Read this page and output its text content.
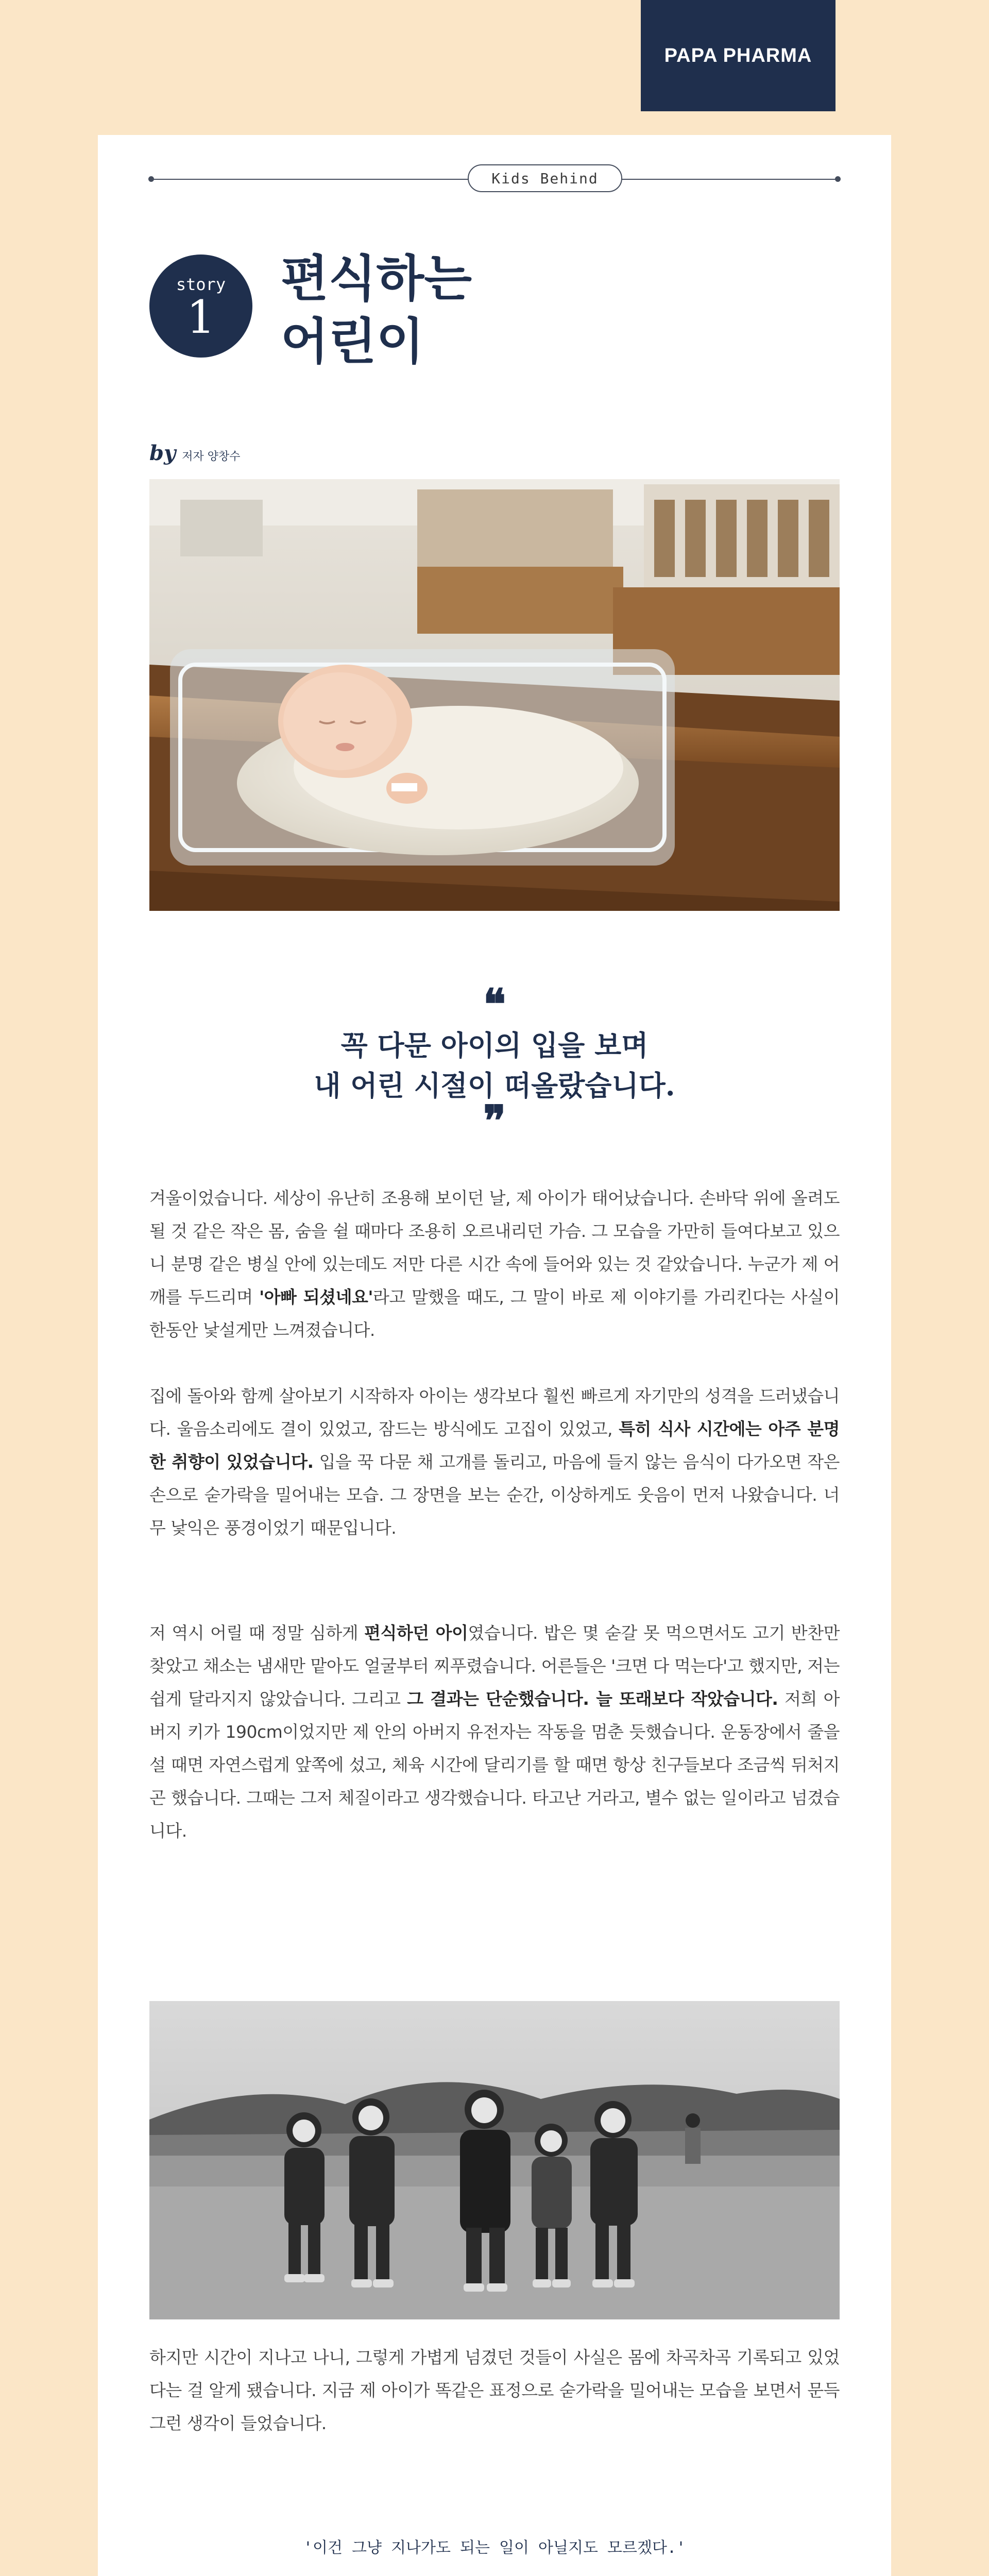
PAPA PHARMA
Kids Behind
story
1
편식하는
어린이
by 저자 양창수
❝
꼭 다문 아이의 입을 보며
내 어린 시절이 떠올랐습니다.
❞

겨울이었습니다. 세상이 유난히 조용해 보이던 날, 제 아이가 태어났습니다. 손바닥 위에 올려도 될 것 같은 작은 몸, 숨을 쉴 때마다 조용히 오르내리던 가슴. 그 모습을 가만히 들여다보고 있으니 분명 같은 병실 안에 있는데도 저만 다른 시간 속에 들어와 있는 것 같았습니다. 누군가 제 어깨를 두드리며 '아빠 되셨네요'라고 말했을 때도, 그 말이 바로 제 이야기를 가리킨다는 사실이 한동안 낯설게만 느껴졌습니다.

집에 돌아와 함께 살아보기 시작하자 아이는 생각보다 훨씬 빠르게 자기만의 성격을 드러냈습니다. 울음소리에도 결이 있었고, 잠드는 방식에도 고집이 있었고, 특히 식사 시간에는 아주 분명한 취향이 있었습니다. 입을 꾹 다문 채 고개를 돌리고, 마음에 들지 않는 음식이 다가오면 작은 손으로 숟가락을 밀어내는 모습. 그 장면을 보는 순간, 이상하게도 웃음이 먼저 나왔습니다. 너무 낯익은 풍경이었기 때문입니다.

저 역시 어릴 때 정말 심하게 편식하던 아이였습니다. 밥은 몇 숟갈 못 먹으면서도 고기 반찬만 찾았고 채소는 냄새만 맡아도 얼굴부터 찌푸렸습니다. 어른들은 '크면 다 먹는다'고 했지만, 저는 쉽게 달라지지 않았습니다. 그리고 그 결과는 단순했습니다. 늘 또래보다 작았습니다. 저희 아버지 키가 190cm이었지만 제 안의 아버지 유전자는 작동을 멈춘 듯했습니다. 운동장에서 줄을 설 때면 자연스럽게 앞쪽에 섰고, 체육 시간에 달리기를 할 때면 항상 친구들보다 조금씩 뒤처지곤 했습니다. 그때는 그저 체질이라고 생각했습니다. 타고난 거라고, 별수 없는 일이라고 넘겼습니다.

하지만 시간이 지나고 나니, 그렇게 가볍게 넘겼던 것들이 사실은 몸에 차곡차곡 기록되고 있었다는 걸 알게 됐습니다. 지금 제 아이가 똑같은 표정으로 숟가락을 밀어내는 모습을 보면서 문득 그런 생각이 들었습니다.

'이건 그냥 지나가도 되는 일이 아닐지도 모르겠다.'
